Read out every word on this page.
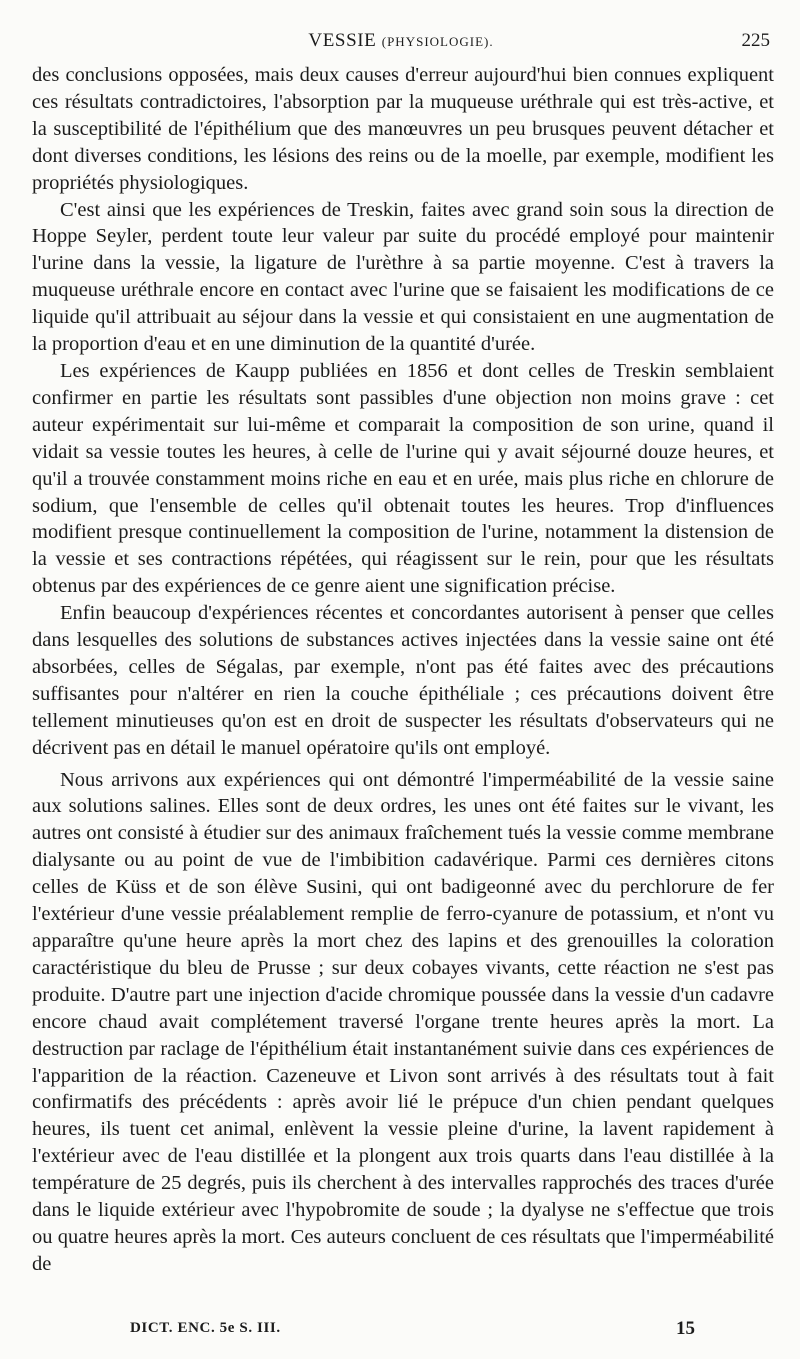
VESSIE (PHYSIOLOGIE).	225

des conclusions opposées, mais deux causes d'erreur aujourd'hui bien connues expliquent ces résultats contradictoires, l'absorption par la muqueuse uréthrale qui est très-active, et la susceptibilité de l'épithélium que des manœuvres un peu brusques peuvent détacher et dont diverses conditions, les lésions des reins ou de la moelle, par exemple, modifient les propriétés physiologiques.

C'est ainsi que les expériences de Treskin, faites avec grand soin sous la direction de Hoppe Seyler, perdent toute leur valeur par suite du procédé employé pour maintenir l'urine dans la vessie, la ligature de l'urèthre à sa partie moyenne. C'est à travers la muqueuse uréthrale encore en contact avec l'urine que se faisaient les modifications de ce liquide qu'il attribuait au séjour dans la vessie et qui consistaient en une augmentation de la proportion d'eau et en une diminution de la quantité d'urée.

Les expériences de Kaupp publiées en 1856 et dont celles de Treskin semblaient confirmer en partie les résultats sont passibles d'une objection non moins grave : cet auteur expérimentait sur lui-même et comparait la composition de son urine, quand il vidait sa vessie toutes les heures, à celle de l'urine qui y avait séjourné douze heures, et qu'il a trouvée constamment moins riche en eau et en urée, mais plus riche en chlorure de sodium, que l'ensemble de celles qu'il obtenait toutes les heures. Trop d'influences modifient presque continuellement la composition de l'urine, notamment la distension de la vessie et ses contractions répétées, qui réagissent sur le rein, pour que les résultats obtenus par des expériences de ce genre aient une signification précise.

Enfin beaucoup d'expériences récentes et concordantes autorisent à penser que celles dans lesquelles des solutions de substances actives injectées dans la vessie saine ont été absorbées, celles de Ségalas, par exemple, n'ont pas été faites avec des précautions suffisantes pour n'altérer en rien la couche épithéliale ; ces précautions doivent être tellement minutieuses qu'on est en droit de suspecter les résultats d'observateurs qui ne décrivent pas en détail le manuel opératoire qu'ils ont employé.

Nous arrivons aux expériences qui ont démontré l'imperméabilité de la vessie saine aux solutions salines. Elles sont de deux ordres, les unes ont été faites sur le vivant, les autres ont consisté à étudier sur des animaux fraîchement tués la vessie comme membrane dialysante ou au point de vue de l'imbibition cadavérique. Parmi ces dernières citons celles de Küss et de son élève Susini, qui ont badigeonné avec du perchlorure de fer l'extérieur d'une vessie préalablement remplie de ferro-cyanure de potassium, et n'ont vu apparaître qu'une heure après la mort chez des lapins et des grenouilles la coloration caractéristique du bleu de Prusse ; sur deux cobayes vivants, cette réaction ne s'est pas produite. D'autre part une injection d'acide chromique poussée dans la vessie d'un cadavre encore chaud avait complétement traversé l'organe trente heures après la mort. La destruction par raclage de l'épithélium était instantanément suivie dans ces expériences de l'apparition de la réaction. Cazeneuve et Livon sont arrivés à des résultats tout à fait confirmatifs des précédents : après avoir lié le prépuce d'un chien pendant quelques heures, ils tuent cet animal, enlèvent la vessie pleine d'urine, la lavent rapidement à l'extérieur avec de l'eau distillée et la plongent aux trois quarts dans l'eau distillée à la température de 25 degrés, puis ils cherchent à des intervalles rapprochés des traces d'urée dans le liquide extérieur avec l'hypobromite de soude ; la dyalyse ne s'effectue que trois ou quatre heures après la mort. Ces auteurs concluent de ces résultats que l'imperméabilité de

DICT. ENC. 5e S. III.	15
